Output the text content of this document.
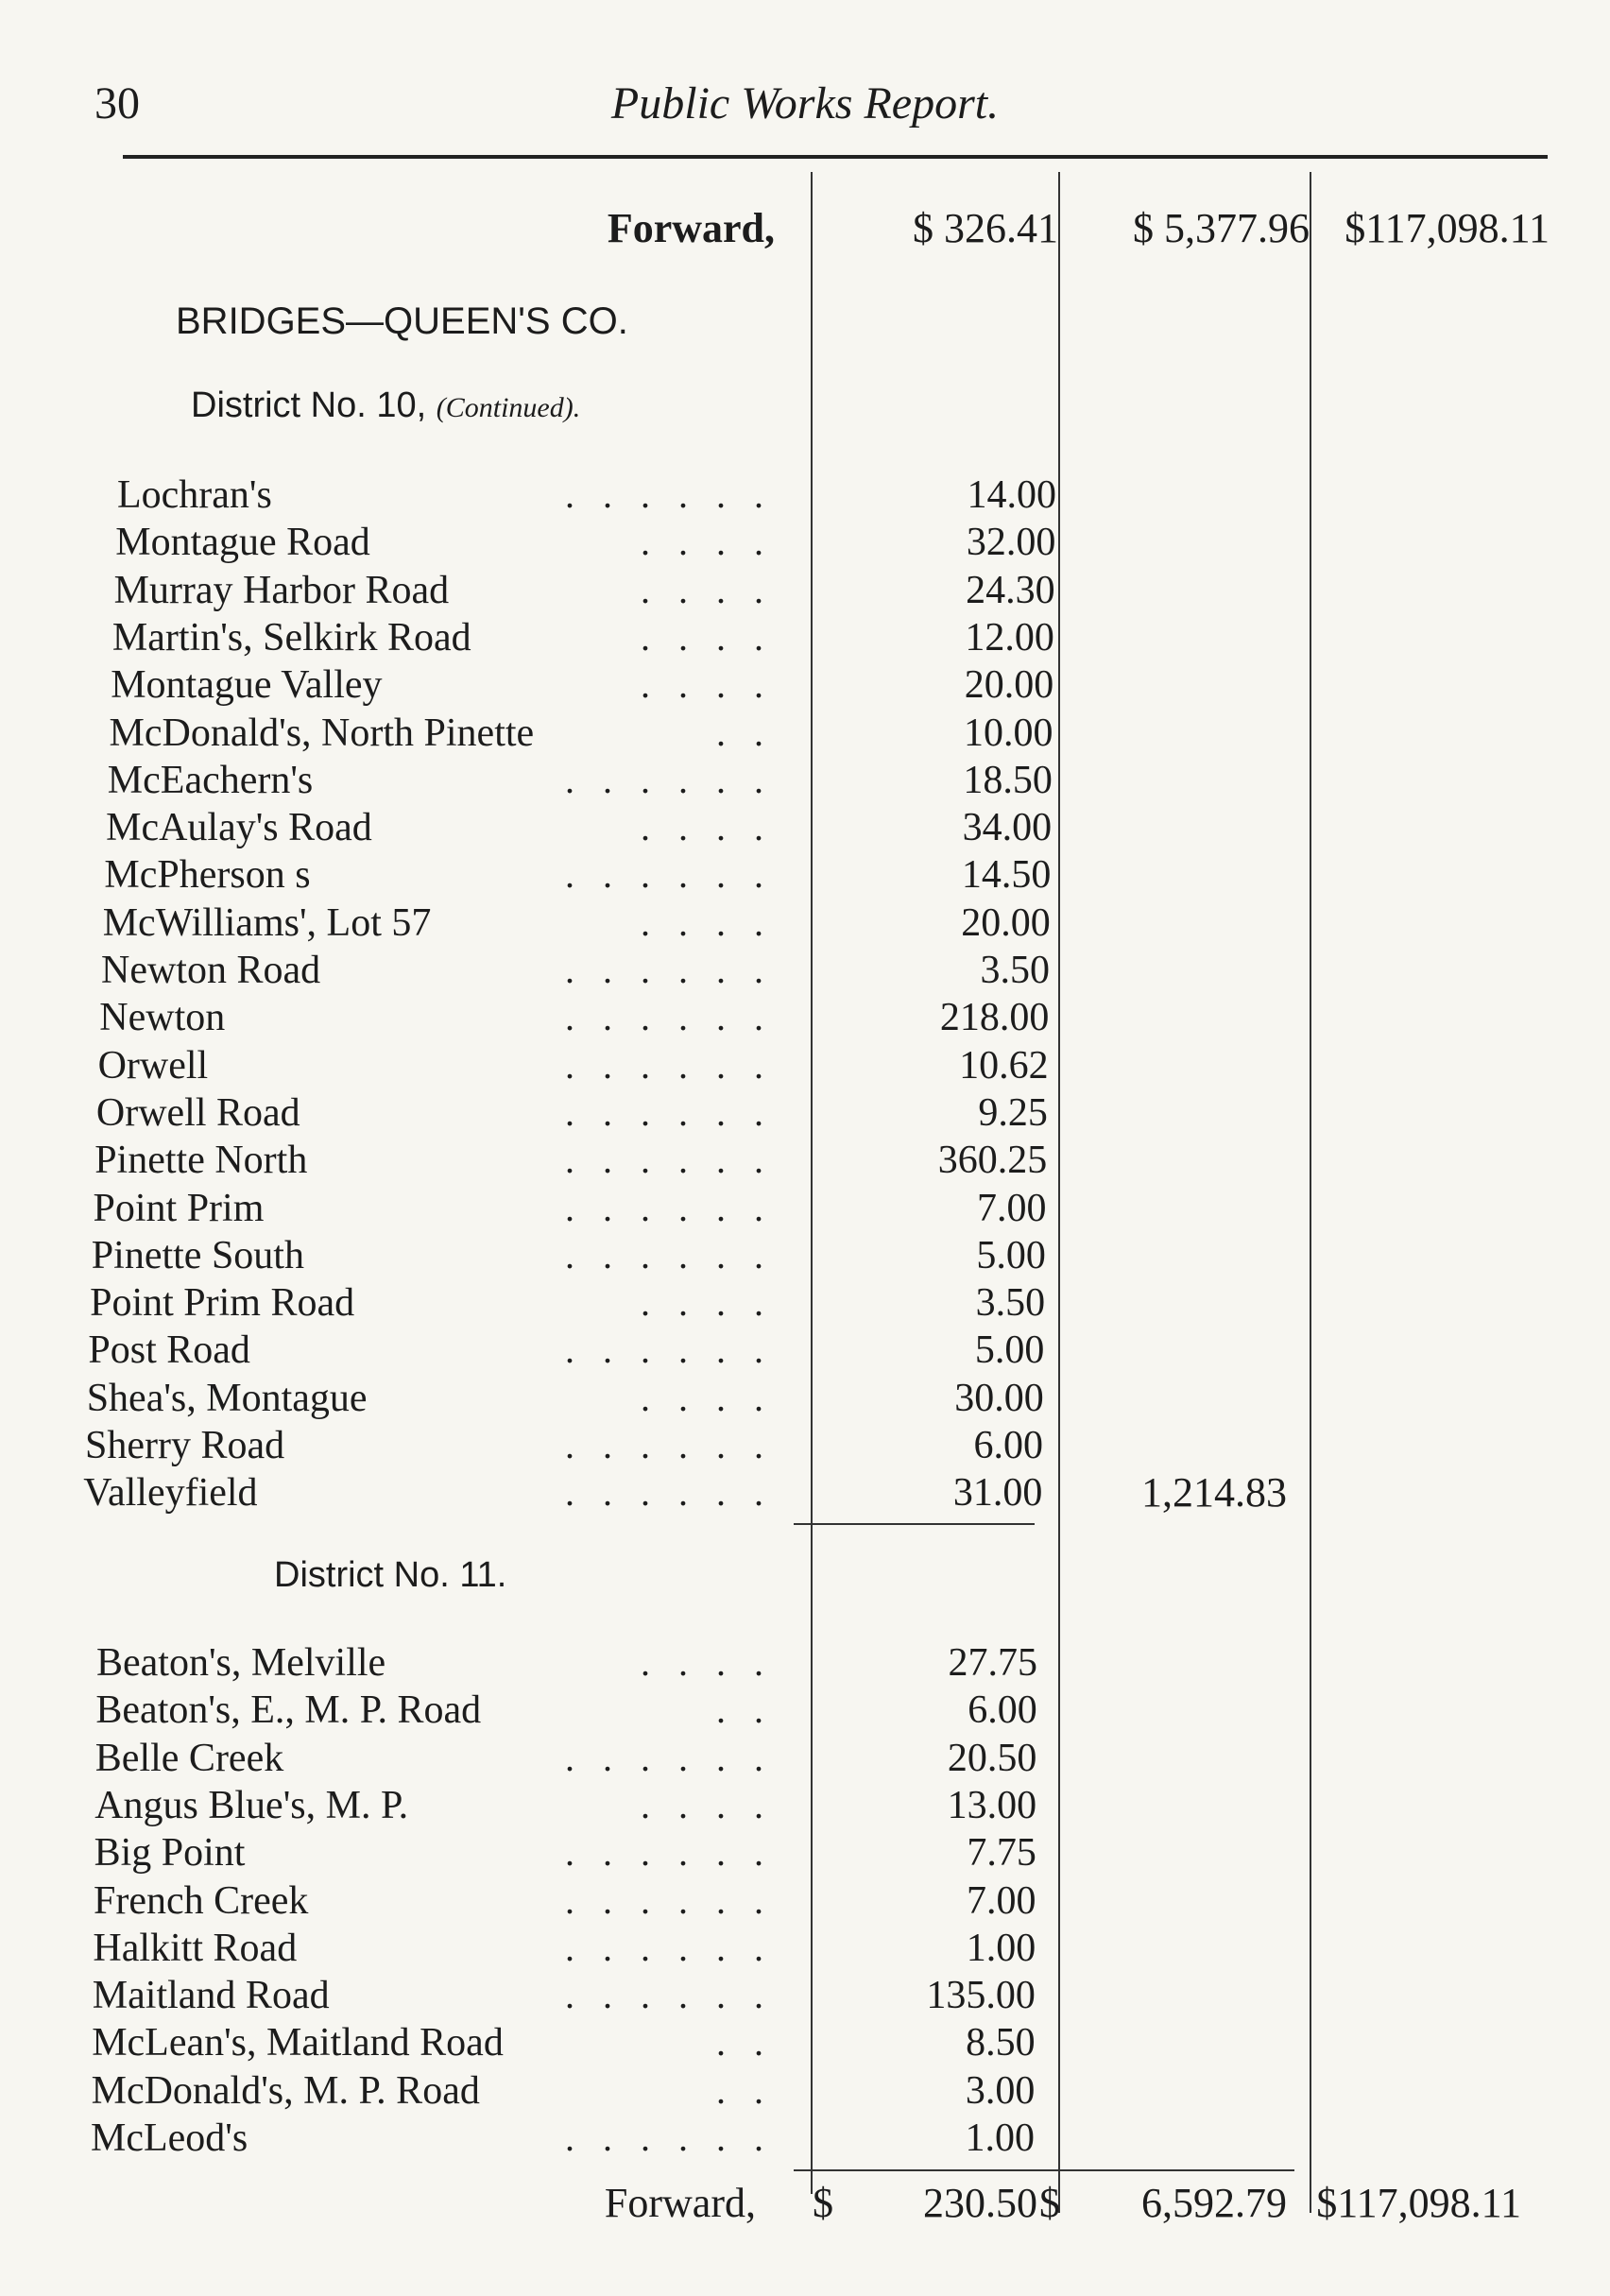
30	Public Works Report.
Forward,	$ 326.41	$ 5,377.96 $117,098.11
BRIDGES—QUEEN'S CO.
District No. 10, (Continued).
Lochran's	. . . . . .	14.00
Montague Road	. . . .	32.00
Murray Harbor Road	. . . .	24.30
Martin's, Selkirk Road	. . . .	12.00
Montague Valley	. . . .	20.00
McDonald's, North Pinette	. .	10.00
McEachern's	. . . . . .	18.50
McAulay's Road	. . . .	34.00
McPherson s	. . . . . .	14.50
McWilliams', Lot 57	. . . .	20.00
Newton Road	. . . . . .	3.50
Newton	. . . . . .	218.00
Orwell	. . . . . .	10.62
Orwell Road	. . . . . .	9.25
Pinette North	. . . . . .	360.25
Point Prim	. . . . . .	7.00
Pinette South	. . . . . .	5.00
Point Prim Road	. . . .	3.50
Post Road	. . . . . .	5.00
Shea's, Montague	. . . .	30.00
Sherry Road	. . . . . .	6.00
Valleyfield	. . . . . .	31.00	1,214.83
District No. 11.
Beaton's, Melville	. . . .	27.75
Beaton's, E., M. P. Road	. .	6.00
Belle Creek	. . . . . .	20.50
Angus Blue's, M. P.	. . . .	13.00
Big Point	. . . . . .	7.75
French Creek	. . . . . .	7.00
Halkitt Road	. . . . . .	1.00
Maitland Road	. . . . . .	135.00
McLean's, Maitland Road	. .	8.50
McDonald's, M. P. Road	. .	3.00
McLeod's	. . . . . .	1.00
Forward, $	230.50 $	6,592.79 $117,098.11
